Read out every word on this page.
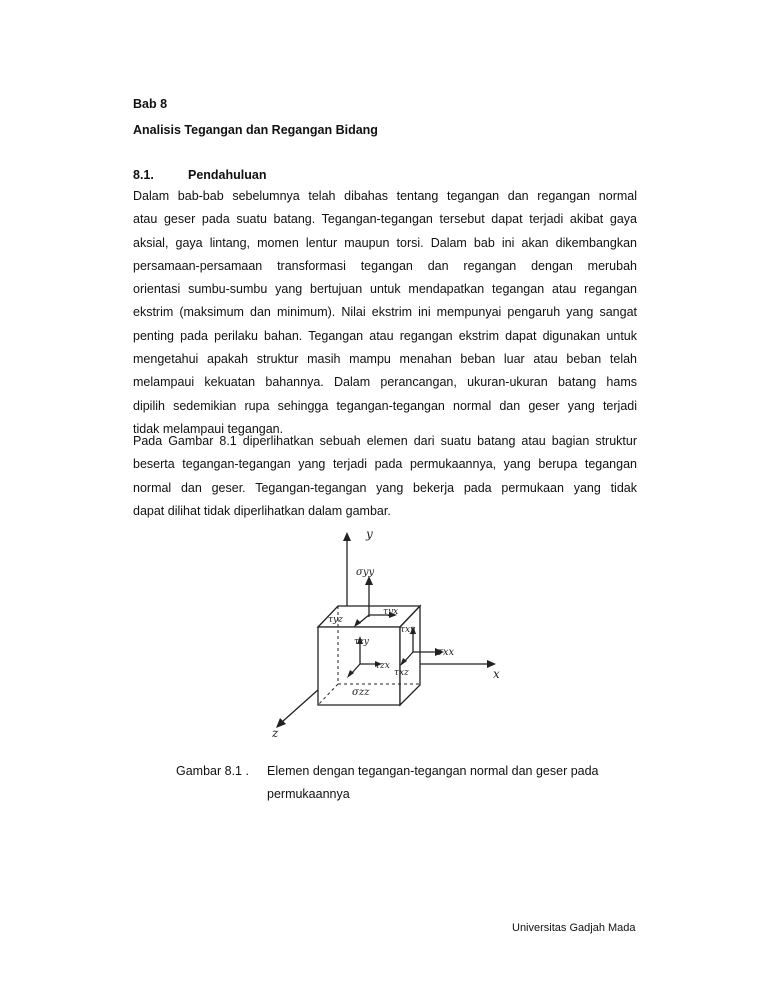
Bab 8
Analisis Tegangan dan Regangan Bidang
8.1.	Pendahuluan
Dalam bab-bab sebelumnya telah dibahas tentang tegangan dan regangan normal
atau geser pada suatu batang. Tegangan-tegangan tersebut dapat terjadi akibat gaya
aksial, gaya lintang, momen lentur maupun torsi. Dalam bab ini akan dikembangkan
persamaan-persamaan transformasi tegangan dan regangan dengan merubah
orientasi sumbu-sumbu yang bertujuan untuk mendapatkan tegangan atau regangan
ekstrim (maksimum dan minimum). Nilai ekstrim ini mempunyai pengaruh yang sangat
penting pada perilaku bahan. Tegangan atau regangan ekstrim dapat digunakan untuk
mengetahui apakah struktur masih mampu menahan beban luar atau beban telah
melampaui kekuatan bahannya. Dalam perancangan, ukuran-ukuran batang hams
dipilih sedemikian rupa sehingga tegangan-tegangan normal dan geser yang terjadi
tidak melampaui tegangan.
Pada Gambar 8.1 diperlihatkan sebuah elemen dari suatu batang atau bagian struktur
beserta tegangan-tegangan yang terjadi pada permukaannya, yang berupa tegangan
normal dan geser. Tegangan-tegangan yang bekerja pada permukaan yang tidak
dapat dilihat tidak diperlihatkan dalam gambar.
y
x
z
σyy
τyx
τyz
τxy
σxx
τxz
τzy
τzx
σzz
Gambar 8.1 . Elemen dengan tegangan-tegangan normal dan geser pada
permukaannya
Universitas Gadjah Mada
